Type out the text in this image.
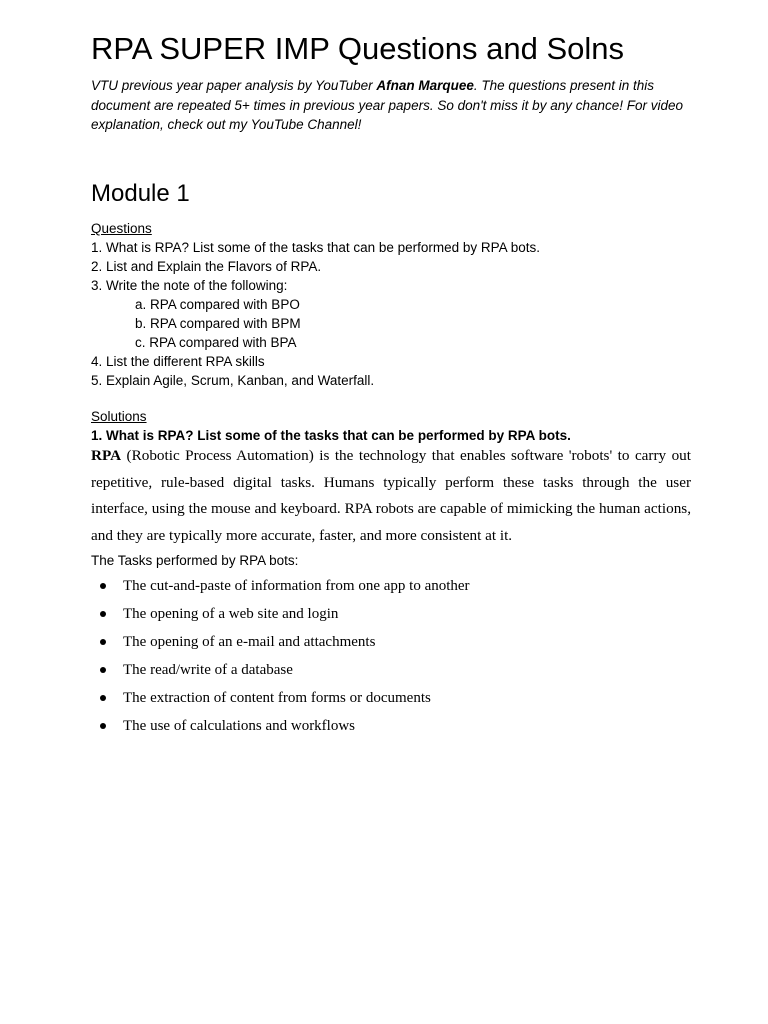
RPA SUPER IMP Questions and Solns

VTU previous year paper analysis by YouTuber Afnan Marquee. The questions present in this document are repeated 5+ times in previous year papers. So don't miss it by any chance! For video explanation, check out my YouTube Channel!

Module 1

Questions

1. What is RPA? List some of the tasks that can be performed by RPA bots.

2. List and Explain the Flavors of RPA.

3. Write the note of the following:

a. RPA compared with BPO

b. RPA compared with BPM

c. RPA compared with BPA

4. List the different RPA skills

5. Explain Agile, Scrum, Kanban, and Waterfall.

Solutions

1. What is RPA? List some of the tasks that can be performed by RPA bots.

RPA (Robotic Process Automation) is the technology that enables software 'robots' to carry out repetitive, rule-based digital tasks. Humans typically perform these tasks through the user interface, using the mouse and keyboard. RPA robots are capable of mimicking the human actions, and they are typically more accurate, faster, and more consistent at it.

The Tasks performed by RPA bots:

The cut-and-paste of information from one app to another
The opening of a web site and login
The opening of an e-mail and attachments
The read/write of a database
The extraction of content from forms or documents
The use of calculations and workflows
